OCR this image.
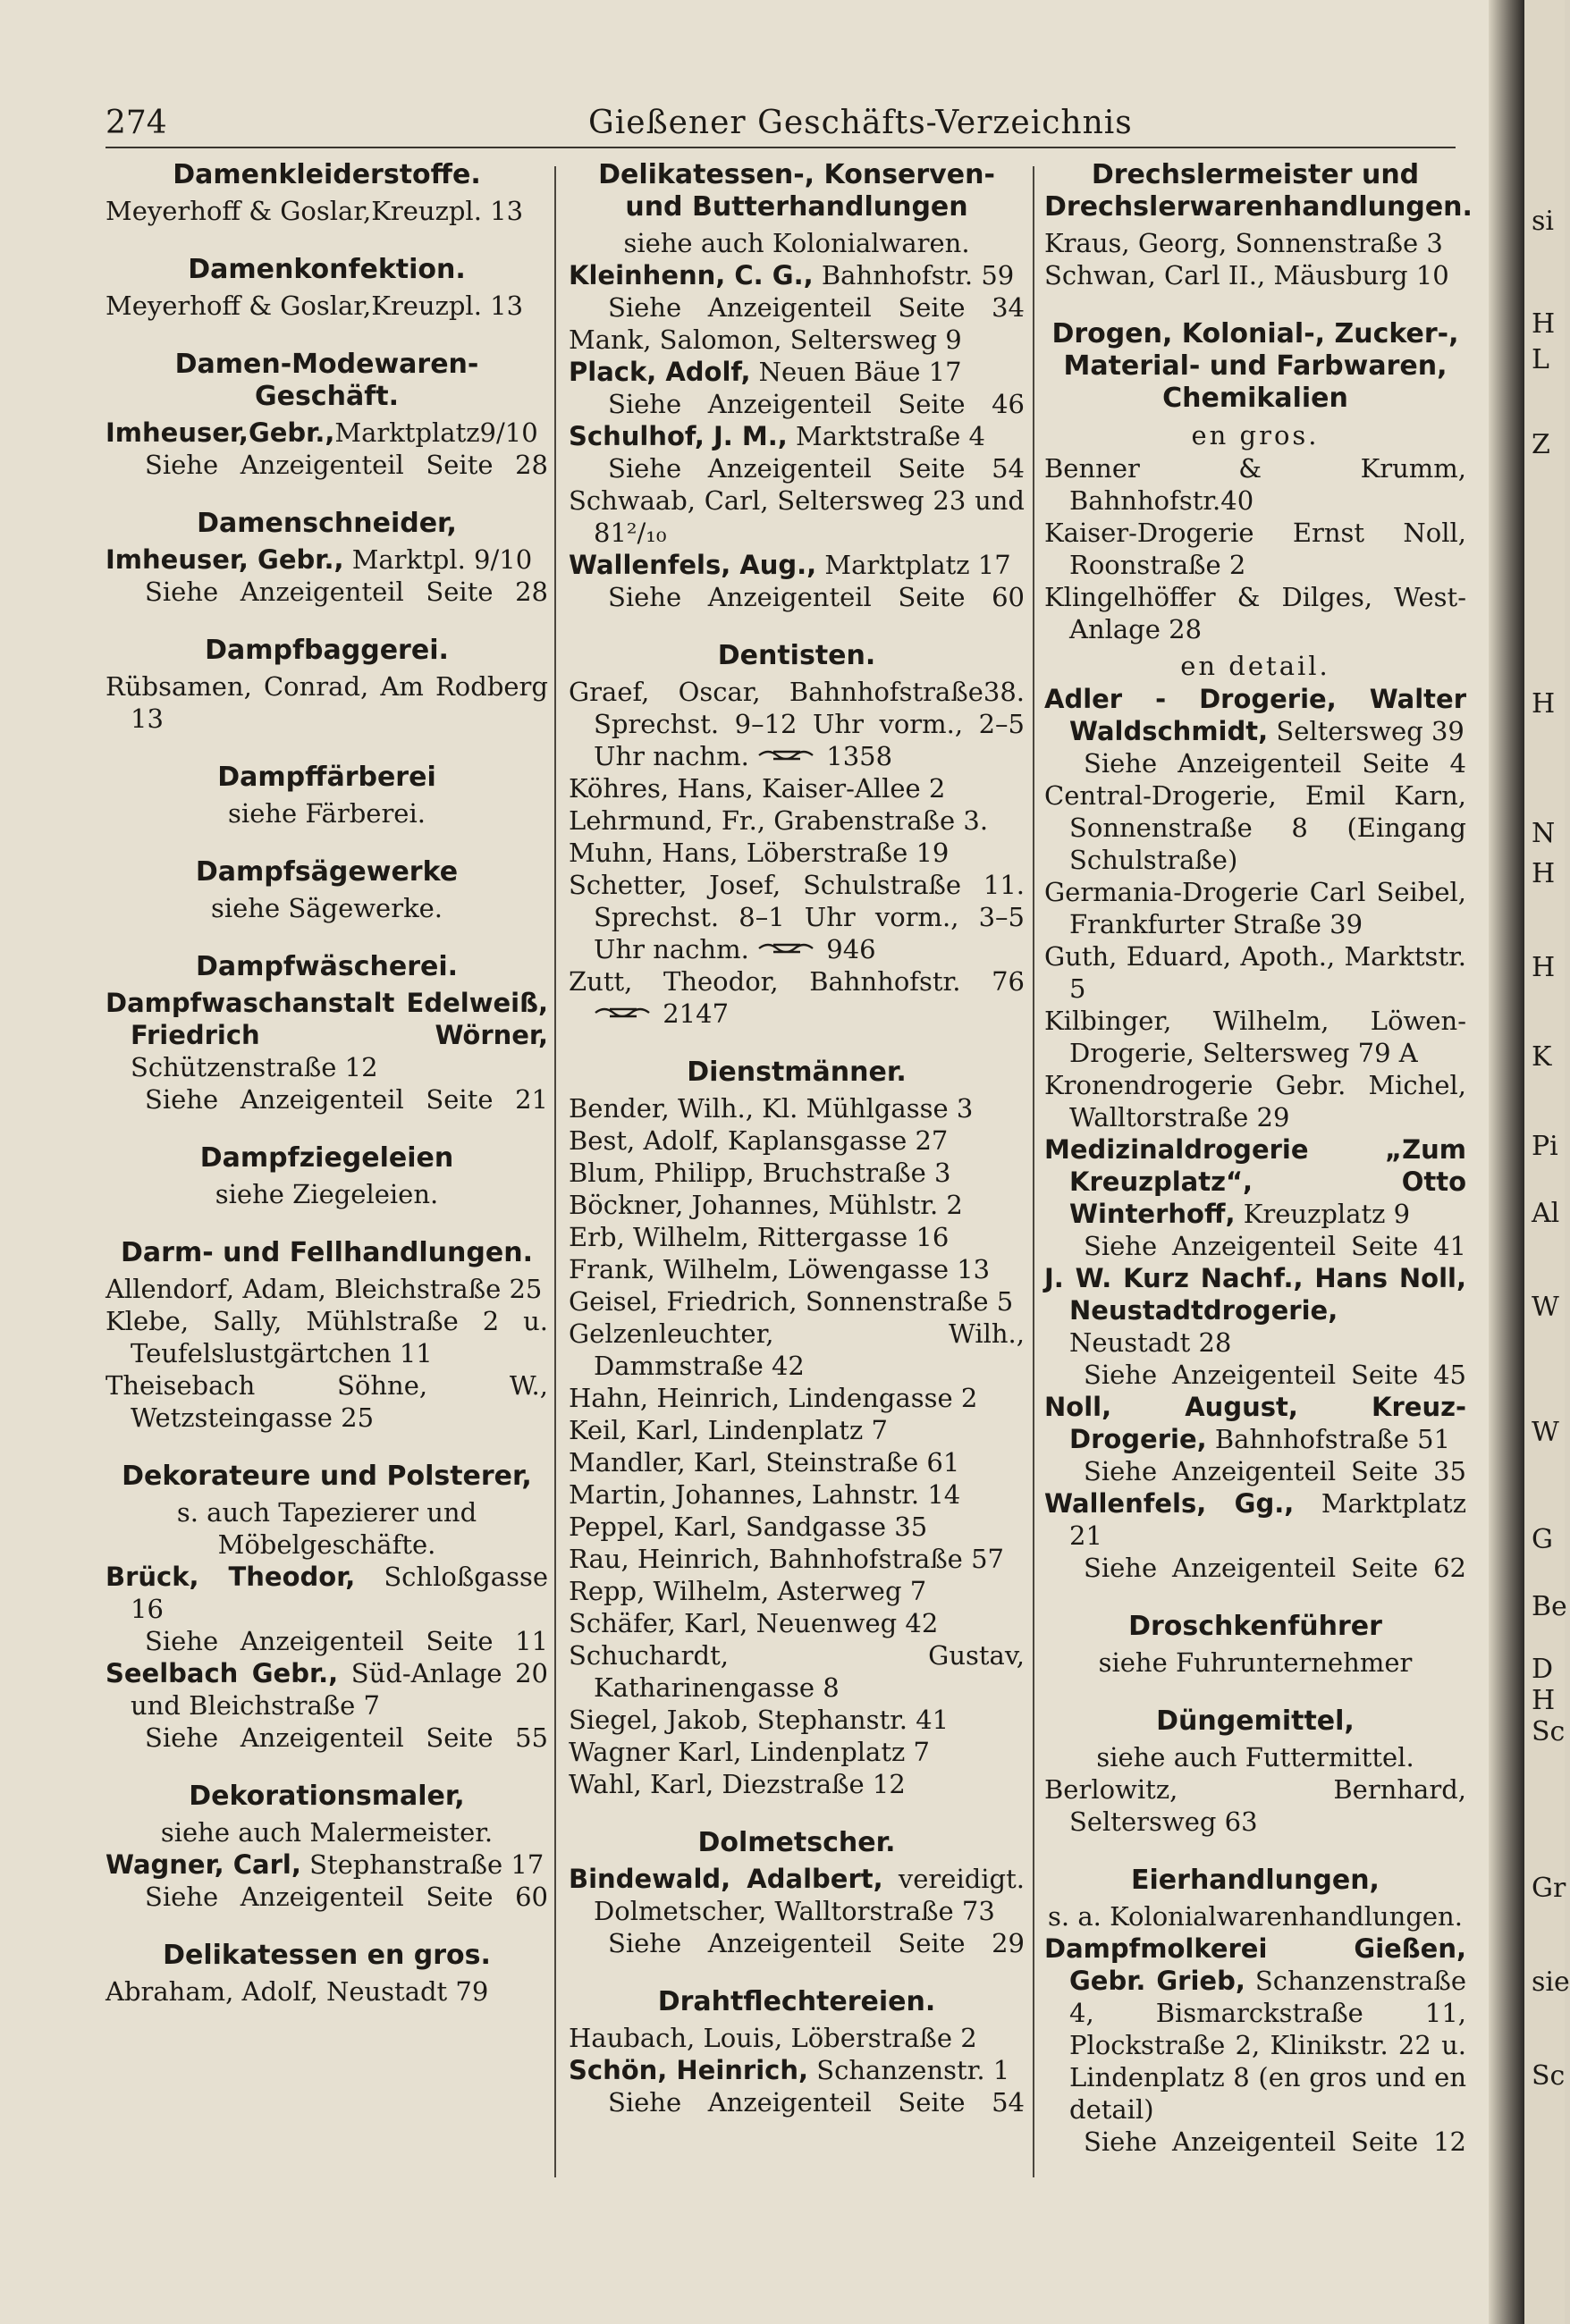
274	Gießener Geschäfts-Verzeichnis
Damenkleiderstoffe.
Meyerhoff & Goslar,Kreuzpl. 13
Damenkonfektion.
Meyerhoff & Goslar,Kreuzpl. 13
Damen-Modewaren-Geschäft.
Imheuser,Gebr.,Marktplatz9/10
Siehe Anzeigenteil Seite 28
Damenschneider,
Imheuser, Gebr., Marktpl. 9/10
Siehe Anzeigenteil Seite 28
Dampfbaggerei.
Rübsamen, Conrad, Am Rodberg 13
Dampffärberei
siehe Färberei.
Dampfsägewerke
siehe Sägewerke.
Dampfwäscherei.
Dampfwaschanstalt Edelweiß, Friedrich Wörner, Schützenstraße 12
Siehe Anzeigenteil Seite 21
Dampfziegeleien
siehe Ziegeleien.
Darm- und Fellhandlungen.
Allendorf, Adam, Bleichstraße 25
Klebe, Sally, Mühlstraße 2 u. Teufelslustgärtchen 11
Theisebach Söhne, W., Wetzsteingasse 25
Dekorateure und Polsterer,
s. auch Tapezierer und Möbelgeschäfte.
Brück, Theodor, Schloßgasse 16
Siehe Anzeigenteil Seite 11
Seelbach Gebr., Süd-Anlage 20 und Bleichstraße 7
Siehe Anzeigenteil Seite 55
Dekorationsmaler,
siehe auch Malermeister.
Wagner, Carl, Stephanstraße 17
Siehe Anzeigenteil Seite 60
Delikatessen en gros.
Abraham, Adolf, Neustadt 79
Delikatessen-, Konserven- und Butterhandlungen
siehe auch Kolonialwaren.
Kleinhenn, C. G., Bahnhofstr. 59
Siehe Anzeigenteil Seite 34
Mank, Salomon, Seltersweg 9
Plack, Adolf, Neuen Bäue 17
Siehe Anzeigenteil Seite 46
Schulhof, J. M., Marktstraße 4
Siehe Anzeigenteil Seite 54
Schwaab, Carl, Seltersweg 23 und 81²/₁₀
Wallenfels, Aug., Marktplatz 17
Siehe Anzeigenteil Seite 60
Dentisten.
Graef, Oscar, Bahnhofstraße38. Sprechst. 9–12 Uhr vorm., 2–5 Uhr nachm.	1358
Köhres, Hans, Kaiser-Allee 2
Lehrmund, Fr., Grabenstraße 3.
Muhn, Hans, Löberstraße 19
Schetter, Josef, Schulstraße 11. Sprechst. 8–1 Uhr vorm., 3–5 Uhr nachm.	946
Zutt, Theodor, Bahnhofstr. 76  2147
Dienstmänner.
Bender, Wilh., Kl. Mühlgasse 3
Best, Adolf, Kaplansgasse 27
Blum, Philipp, Bruchstraße 3
Böckner, Johannes, Mühlstr. 2
Erb, Wilhelm, Rittergasse 16
Frank, Wilhelm, Löwengasse 13
Geisel, Friedrich, Sonnenstraße 5
Gelzenleuchter, Wilh., Dammstraße 42
Hahn, Heinrich, Lindengasse 2
Keil, Karl, Lindenplatz 7
Mandler, Karl, Steinstraße 61
Martin, Johannes, Lahnstr. 14
Peppel, Karl, Sandgasse 35
Rau, Heinrich, Bahnhofstraße 57
Repp, Wilhelm, Asterweg 7
Schäfer, Karl, Neuenweg 42
Schuchardt, Gustav, Katharinengasse 8
Siegel, Jakob, Stephanstr. 41
Wagner Karl, Lindenplatz 7
Wahl, Karl, Diezstraße 12
Dolmetscher.
Bindewald, Adalbert, vereidigt. Dolmetscher, Walltorstraße 73
Siehe Anzeigenteil Seite 29
Drahtflechtereien.
Haubach, Louis, Löberstraße 2
Schön, Heinrich, Schanzenstr. 1
Siehe Anzeigenteil Seite 54
Drechslermeister und Drechslerwarenhandlungen.
Kraus, Georg, Sonnenstraße 3
Schwan, Carl II., Mäusburg 10
Drogen, Kolonial-, Zucker-, Material- und Farbwaren, Chemikalien
en gros.
Benner & Krumm, Bahnhofstr.40
Kaiser-Drogerie Ernst Noll, Roonstraße 2
Klingelhöffer & Dilges, West-Anlage 28
en detail.
Adler - Drogerie, Walter Waldschmidt, Seltersweg 39
Siehe Anzeigenteil Seite 4
Central-Drogerie, Emil Karn, Sonnenstraße 8 (Eingang Schulstraße)
Germania-Drogerie Carl Seibel, Frankfurter Straße 39
Guth, Eduard, Apoth., Marktstr. 5
Kilbinger, Wilhelm, Löwen-Drogerie, Seltersweg 79 A
Kronendrogerie Gebr. Michel, Walltorstraße 29
Medizinaldrogerie „Zum Kreuzplatz“, Otto Winterhoff, Kreuzplatz 9
Siehe Anzeigenteil Seite 41
J. W. Kurz Nachf., Hans Noll, Neustadtdrogerie, Neustadt 28
Siehe Anzeigenteil Seite 45
Noll, August, Kreuz-Drogerie, Bahnhofstraße 51
Siehe Anzeigenteil Seite 35
Wallenfels, Gg., Marktplatz 21
Siehe Anzeigenteil Seite 62
Droschkenführer
siehe Fuhrunternehmer
Düngemittel,
siehe auch Futtermittel.
Berlowitz, Bernhard, Seltersweg 63
Eierhandlungen,
s. a. Kolonialwarenhandlungen.
Dampfmolkerei Gießen, Gebr. Grieb, Schanzenstraße 4, Bismarckstraße 11, Plockstraße 2, Klinikstr. 22 u. Lindenplatz 8 (en gros und en detail)
Siehe Anzeigenteil Seite 12
si
H
L
Z
H
N
H
H
K
Pi
Al
W
W
G
Be
D
H
Sc
Gr
sie
Sc
